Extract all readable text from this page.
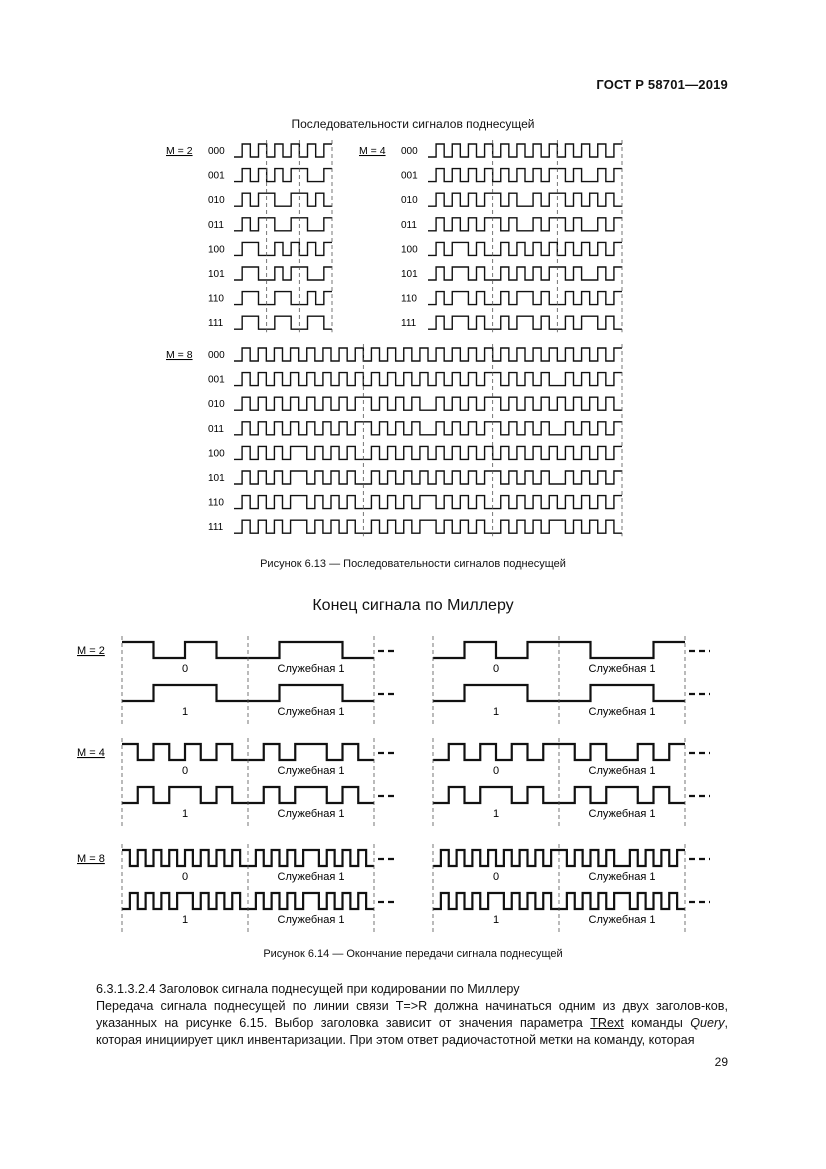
ГОСТ Р 58701—2019
Последовательности сигналов поднесущей
M = 2 000
001
010
011
100
101
110
111
M = 4 000
001
010
011
100
101
110
111
M = 8 000
001
010
011
100
101
110
111
Рисунок 6.13 — Последовательности сигналов поднесущей
Конец сигнала по Миллеру
M = 2
0	Служебная 1
1	Служебная 1
0	Служебная 1
1	Служебная 1
M = 4
0	Служебная 1
1	Служебная 1
0	Служебная 1
1	Служебная 1
M = 8
0	Служебная 1
1	Служебная 1
0	Служебная 1
1	Служебная 1
Рисунок 6.14 — Окончание передачи сигнала поднесущей

6.3.1.3.2.4 Заголовок сигнала поднесущей при кодировании по Миллеру

Передача сигнала поднесущей по линии связи T=>R должна начинаться одним из двух заголов-ков, указанных на рисунке 6.15. Выбор заголовка зависит от значения параметра TRext команды Query, которая инициирует цикл инвентаризации. При этом ответ радиочастотной метки на команду, которая

29
